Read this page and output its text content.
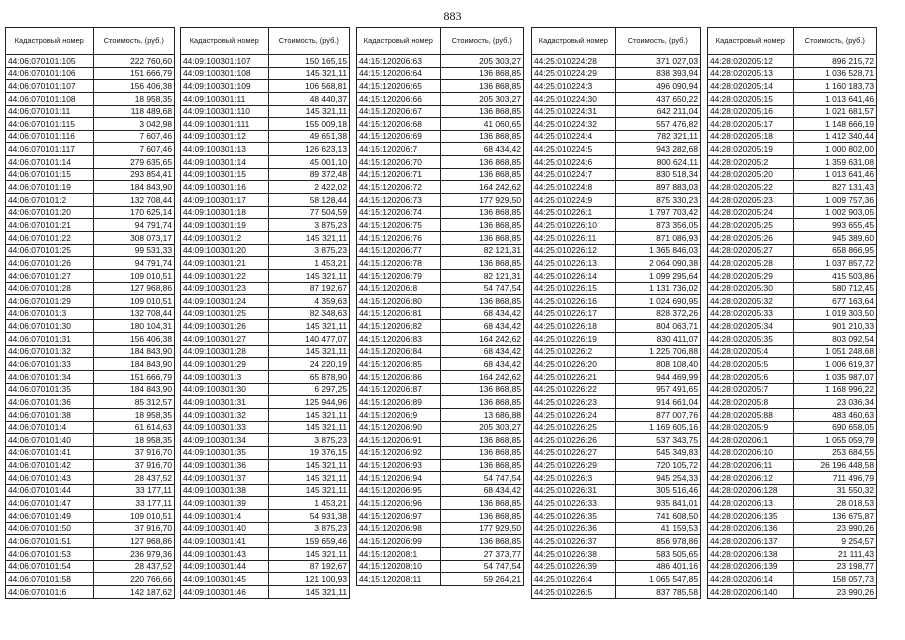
883
Кадастровый номер	Стоимость, (руб.)
44:06:070101:105	222 760,60
44:06:070101:106	151 666,79
44:06:070101:107	156 406,38
44:06:070101:108	18 958,35
44:06:070101:11	118 489,68
44:06:070101:115	3 042,98
44:06:070101:116	7 607,46
44:06:070101:117	7 607,46
44:06:070101:14	279 635,65
44:06:070101:15	293 854,41
44:06:070101:19	184 843,90
44:06:070101:2	132 708,44
44:06:070101:20	170 625,14
44:06:070101:21	94 791,74
44:06:070101:22	308 073,17
44:06:070101:25	99 531,33
44:06:070101:26	94 791,74
44:06:070101:27	109 010,51
44:06:070101:28	127 968,86
44:06:070101:29	109 010,51
44:06:070101:3	132 708,44
44:06:070101:30	180 104,31
44:06:070101:31	156 406,38
44:06:070101:32	184 843,90
44:06:070101:33	184 843,90
44:06:070101:34	151 666,79
44:06:070101:35	184 843,90
44:06:070101:36	85 312,57
44:06:070101:38	18 958,35
44:06:070101:4	61 614,63
44:06:070101:40	18 958,35
44:06:070101:41	37 916,70
44:06:070101:42	37 916,70
44:06:070101:43	28 437,52
44:06:070101:44	33 177,11
44:06:070101:47	33 177,11
44:06:070101:49	109 010,51
44:06:070101:50	37 916,70
44:06:070101:51	127 968,86
44:06:070101:53	236 979,36
44:06:070101:54	28 437,52
44:06:070101:58	220 766,66
44:06:070101:6	142 187,62
Кадастровый номер	Стоимость, (руб.)
44:09:100301:107	150 165,15
44:09:100301:108	145 321,11
44:09:100301:109	106 568,81
44:09:100301:11	48 440,37
44:09:100301:110	145 321,11
44:09:100301:111	155 009,18
44:09:100301:12	49 651,38
44:09:100301:13	126 623,13
44:09:100301:14	45 001,10
44:09:100301:15	89 372,48
44:09:100301:16	2 422,02
44:09:100301:17	58 128,44
44:09:100301:18	77 504,59
44:09:100301:19	3 875,23
44:09:100301:2	145 321,11
44:09:100301:20	3 875,23
44:09:100301:21	1 453,21
44:09:100301:22	145 321,11
44:09:100301:23	87 192,67
44:09:100301:24	4 359,63
44:09:100301:25	82 348,63
44:09:100301:26	145 321,11
44:09:100301:27	140 477,07
44:09:100301:28	145 321,11
44:09:100301:29	24 220,19
44:09:100301:3	65 878,90
44:09:100301:30	6 297,25
44:09:100301:31	125 944,96
44:09:100301:32	145 321,11
44:09:100301:33	145 321,11
44:09:100301:34	3 875,23
44:09:100301:35	19 376,15
44:09:100301:36	145 321,11
44:09:100301:37	145 321,11
44:09:100301:38	145 321,11
44:09:100301:39	1 453,21
44:09:100301:4	54 931,38
44:09:100301:40	3 875,23
44:09:100301:41	159 659,46
44:09:100301:43	145 321,11
44:09:100301:44	87 192,67
44:09:100301:45	121 100,93
44:09:100301:46	145 321,11
Кадастровый номер	Стоимость, (руб.)
44:15:120206:63	205 303,27
44:15:120206:64	136 868,85
44:15:120206:65	136 868,85
44:15:120206:66	205 303,27
44:15:120206:67	136 868,85
44:15:120206:68	41 060,65
44:15:120206:69	136 868,85
44:15:120206:7	68 434,42
44:15:120206:70	136 868,85
44:15:120206:71	136 868,85
44:15:120206:72	164 242,62
44:15:120206:73	177 929,50
44:15:120206:74	136 868,85
44:15:120206:75	136 868,85
44:15:120206:76	136 868,85
44:15:120206:77	82 121,31
44:15:120206:78	136 868,85
44:15:120206:79	82 121,31
44:15:120206:8	54 747,54
44:15:120206:80	136 868,85
44:15:120206:81	68 434,42
44:15:120206:82	68 434,42
44:15:120206:83	164 242,62
44:15:120206:84	68 434,42
44:15:120206:85	68 434,42
44:15:120206:86	164 242,62
44:15:120206:87	136 868,85
44:15:120206:89	136 868,85
44:15:120206:9	13 686,88
44:15:120206:90	205 303,27
44:15:120206:91	136 868,85
44:15:120206:92	136 868,85
44:15:120206:93	136 868,85
44:15:120206:94	54 747,54
44:15:120206:95	68 434,42
44:15:120206:96	136 868,85
44:15:120206:97	136 868,85
44:15:120206:98	177 929,50
44:15:120206:99	136 868,85
44:15:120208:1	27 373,77
44:15:120208:10	54 747,54
44:15:120208:11	59 264,21
Кадастровый номер	Стоимость, (руб.)
44:25:010224:28	371 027,03
44:25:010224:29	838 393,94
44:25:010224:3	496 090,94
44:25:010224:30	437 650,22
44:25:010224:31	642 211,04
44:25:010224:32	557 476,82
44:25:010224:4	782 321,11
44:25:010224:5	943 282,68
44:25:010224:6	800 624,11
44:25:010224:7	830 518,34
44:25:010224:8	897 883,03
44:25:010224:9	875 330,23
44:25:010226:1	1 797 703,42
44:25:010226:10	873 356,05
44:25:010226:11	871 086,93
44:25:010226:12	1 365 846,03
44:25:010226:13	2 064 090,38
44:25:010226:14	1 099 295,64
44:25:010226:15	1 131 736,02
44:25:010226:16	1 024 690,95
44:25:010226:17	828 372,26
44:25:010226:18	804 063,71
44:25:010226:19	830 411,07
44:25:010226:2	1 225 706,88
44:25:010226:20	808 108,40
44:25:010226:21	944 469,99
44:25:010226:22	957 491,65
44:25:010226:23	914 661,04
44:25:010226:24	877 007,76
44:25:010226:25	1 169 605,16
44:25:010226:26	537 343,75
44:25:010226:27	545 349,83
44:25:010226:29	720 105,72
44:25:010226:3	945 254,33
44:25:010226:31	305 516,46
44:25:010226:33	935 841,01
44:25:010226:35	741 608,50
44:25:010226:36	41 159,53
44:25:010226:37	856 978,86
44:25:010226:38	583 505,65
44:25:010226:39	486 401,16
44:25:010226:4	1 065 547,85
44:25:010226:5	837 785,58
Кадастровый номер	Стоимость, (руб.)
44:28:020205:12	896 215,72
44:28:020205:13	1 036 528,71
44:28:020205:14	1 160 183,73
44:28:020205:15	1 013 641,46
44:28:020205:16	1 021 681,57
44:28:020205:17	1 148 666,19
44:28:020205:18	1 412 340,44
44:28:020205:19	1 000 802,00
44:28:020205:2	1 359 631,08
44:28:020205:20	1 013 641,46
44:28:020205:22	827 131,43
44:28:020205:23	1 009 757,36
44:28:020205:24	1 002 903,05
44:28:020205:25	993 655,45
44:28:020205:26	945 389,60
44:28:020205:27	658 866,95
44:28:020205:28	1 037 857,72
44:28:020205:29	415 503,86
44:28:020205:30	580 712,45
44:28:020205:32	677 163,64
44:28:020205:33	1 019 303,50
44:28:020205:34	901 210,33
44:28:020205:35	803 092,54
44:28:020205:4	1 051 248,68
44:28:020205:5	1 006 619,37
44:28:020205:6	1 035 987,07
44:28:020205:7	1 168 996,22
44:28:020205:8	23 036,34
44:28:020205:88	483 460,63
44:28:020205:9	690 658,05
44:28:020206:1	1 055 059,79
44:28:020206:10	253 684,55
44:28:020206:11	26 196 448,58
44:28:020206:12	711 496,79
44:28:020206:128	31 550,32
44:28:020206:13	28 018,53
44:28:020206:135	136 675,87
44:28:020206:136	23 990,26
44:28:020206:137	9 254,57
44:28:020206:138	21 111,43
44:28:020206:139	23 198,77
44:28:020206:14	158 057,73
44:28:020206:140	23 990,26
